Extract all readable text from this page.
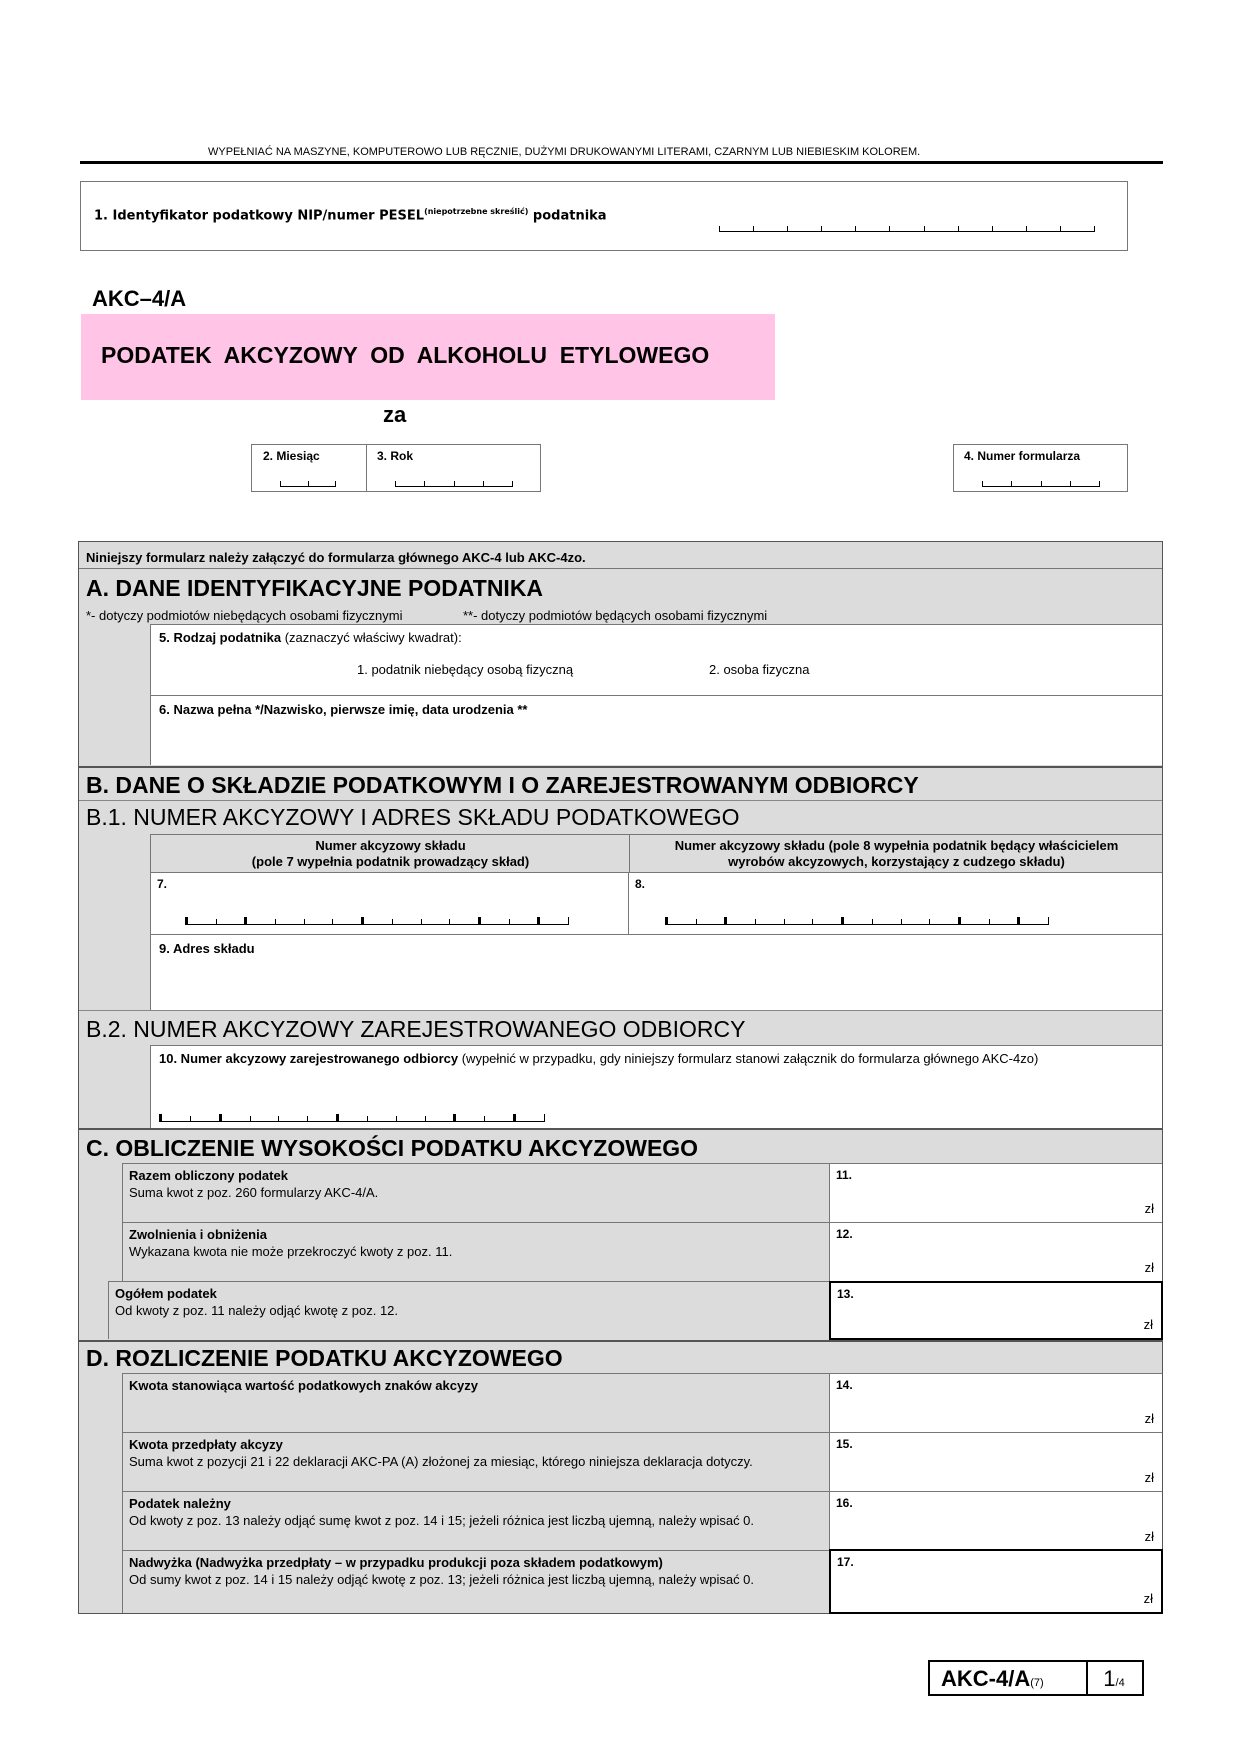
WYPEŁNIAĆ NA MASZYNE, KOMPUTEROWO LUB RĘCZNIE, DUŻYMI DRUKOWANYMI LITERAMI, CZARNYM LUB NIEBIESKIM KOLOREM.
1. Identyfikator podatkowy NIP/numer $PESEL^{(niepotrzebne skreślić)}$ podatnika
AKC–4/A
PODATEK  AKCYZOWY  OD  ALKOHOLU  ETYLOWEGO
za
2. Miesiąc	3. Rok	4. Numer formularza
Niniejszy formularz należy załączyć do formularza głównego AKC-4 lub AKC-4zo.
A. DANE IDENTYFIKACYJNE PODATNIKA
*- dotyczy podmiotów niebędących osobami fizycznymi	**- dotyczy podmiotów będących osobami fizycznymi
5. Rodzaj podatnika (zaznaczyć właściwy kwadrat):
1. podatnik niebędący osobą fizyczną	2. osoba fizyczna
6. Nazwa pełna */Nazwisko, pierwsze imię, data urodzenia **
B. DANE O SKŁADZIE PODATKOWYM I O ZAREJESTROWANYM ODBIORCY
B.1. NUMER AKCYZOWY I ADRES SKŁADU PODATKOWEGO
Numer akcyzowy składu
(pole 7 wypełnia podatnik prowadzący skład)
Numer akcyzowy składu (pole 8 wypełnia podatnik będący właścicielem
wyrobów akcyzowych, korzystający z cudzego składu)
7.	8.
9. Adres składu
B.2. NUMER AKCYZOWY ZAREJESTROWANEGO ODBIORCY
10. Numer akcyzowy zarejestrowanego odbiorcy (wypełnić w przypadku, gdy niniejszy formularz stanowi załącznik do formularza głównego AKC-4zo)
C. OBLICZENIE WYSOKOŚCI PODATKU AKCYZOWEGO
Razem obliczony podatek
Suma kwot z poz. 260 formularzy AKC-4/A.
11.
zł
Zwolnienia i obniżenia
Wykazana kwota nie może przekroczyć kwoty z poz. 11.
12.
zł
Ogółem podatek
Od kwoty z poz. 11 należy odjąć kwotę z poz. 12.
13.
zł
D. ROZLICZENIE PODATKU AKCYZOWEGO
Kwota stanowiąca wartość podatkowych znaków akcyzy	14.
zł
Kwota przedpłaty akcyzy
Suma kwot z pozycji 21 i 22 deklaracji AKC-PA (A) złożonej za miesiąc, którego niniejsza deklaracja dotyczy.
15.
zł
Podatek należny
Od kwoty z poz. 13 należy odjąć sumę kwot z poz. 14 i 15; jeżeli różnica jest liczbą ujemną, należy wpisać 0.
16.
zł
Nadwyżka (Nadwyżka przedpłaty – w przypadku produkcji poza składem podatkowym)
Od sumy kwot z poz. 14 i 15 należy odjąć kwotę z poz. 13; jeżeli różnica jest liczbą ujemną, należy wpisać 0.
17.
zł
AKC-4/A(7)	1/4
